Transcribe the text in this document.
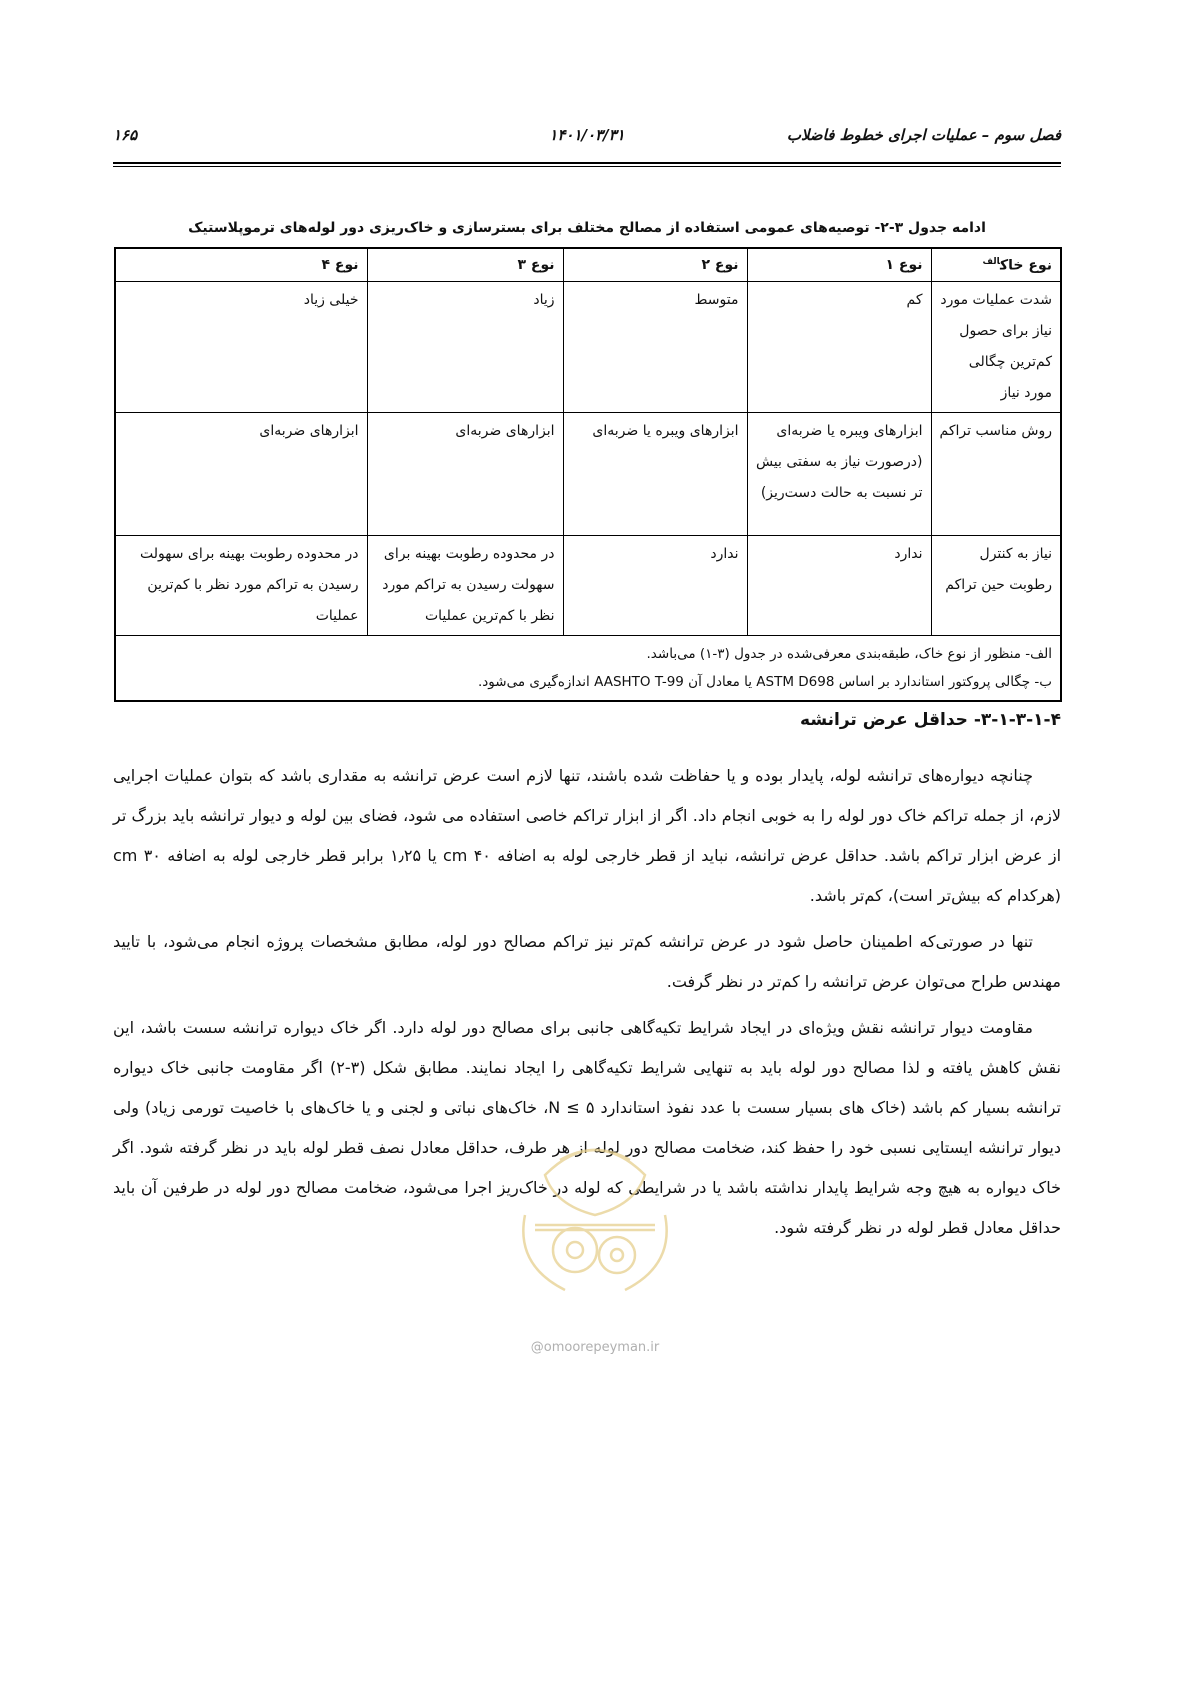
فصل سوم – عملیات اجرای خطوط فاضلاب
۱۴۰۱/۰۳/۳۱
۱۶۵
ادامه جدول ۳-۲- توصیه‌های عمومی استفاده از مصالح مختلف برای بسترسازی و خاک‌ریزی دور لوله‌های ترموپلاستیک
نوع خاک$^{الف}$	نوع ۱	نوع ۲	نوع ۳	نوع ۴
شدت عملیات مورد نیاز برای حصول کم‌ترین چگالی مورد نیاز	کم	متوسط	زیاد	خیلی زیاد
روش مناسب تراکم	ابزارهای ویبره یا ضربه‌ای (درصورت نیاز به سفتی بیش تر نسبت به حالت دست‌ریز)	ابزارهای ویبره یا ضربه‌ای	ابزارهای ضربه‌ای	ابزارهای ضربه‌ای
نیاز به کنترل رطوبت حین تراکم	ندارد	ندارد	در محدوده رطوبت بهینه برای سهولت رسیدن به تراکم مورد نظر با کم‌ترین عملیات	در محدوده رطوبت بهینه برای سهولت رسیدن به تراکم مورد نظر با کم‌ترین عملیات

الف- منظور از نوع خاک، طبقه‌بندی معرفی‌شده در جدول (۳-۱) می‌باشد.
ب- چگالی پروکتور استاندارد بر اساس ASTM D698 یا معادل آن AASHTO T-99 اندازه‌گیری می‌شود.				
۳-۱-۳-۱-۴- حداقل عرض ترانشه

چنانچه دیواره‌های ترانشه لوله، پایدار بوده و یا حفاظت شده باشند، تنها لازم است عرض ترانشه به مقداری باشد که بتوان عملیات اجرایی لازم، از جمله تراکم خاک دور لوله را به خوبی انجام داد. اگر از ابزار تراکم خاصی استفاده می شود، فضای بین لوله و دیوار ترانشه باید بزرگ تر از عرض ابزار تراکم باشد. حداقل عرض ترانشه، نباید از قطر خارجی لوله به اضافه ۴۰ cm یا ۱٫۲۵ برابر قطر خارجی لوله به اضافه ۳۰ cm (هرکدام که بیش‌تر است)، کم‌تر باشد.

تنها در صورتی‌که اطمینان حاصل شود در عرض ترانشه کم‌تر نیز تراکم مصالح دور لوله، مطابق مشخصات پروژه انجام می‌شود، با تایید مهندس طراح می‌توان عرض ترانشه را کم‌تر در نظر گرفت.

مقاومت دیوار ترانشه نقش ویژه‌ای در ایجاد شرایط تکیه‌گاهی جانبی برای مصالح دور لوله دارد. اگر خاک دیواره ترانشه سست باشد، این نقش کاهش یافته و لذا مصالح دور لوله باید به تنهایی شرایط تکیه‌گاهی را ایجاد نمایند. مطابق شکل (۳-۲) اگر مقاومت جانبی خاک دیواره ترانشه بسیار کم باشد (خاک های بسیار سست با عدد نفوذ استاندارد ۵ ≥ N، خاک‌های نباتی و لجنی و یا خاک‌های با خاصیت تورمی زیاد) ولی دیوار ترانشه ایستایی نسبی خود را حفظ کند، ضخامت مصالح دور لوله از هر طرف، حداقل معادل نصف قطر لوله باید در نظر گرفته شود. اگر خاک دیواره به هیچ وجه شرایط پایدار نداشته باشد یا در شرایطی که لوله در خاک‌ریز اجرا می‌شود، ضخامت مصالح دور لوله در طرفین آن باید حداقل معادل قطر لوله در نظر گرفته شود.

@omoorepeyman.ir
